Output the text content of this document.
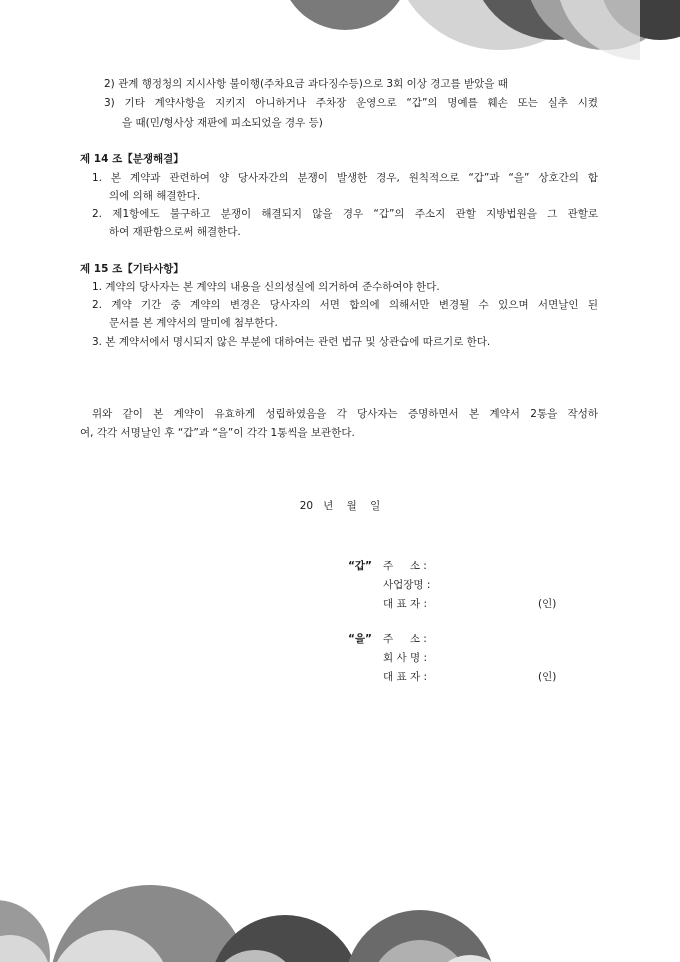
2) 관계 행정청의 지시사항 불이행(주차요금 과다징수등)으로 3회 이상 경고를 받았을 때
3) 기타 계약사항을 지키지 아니하거나 주차장 운영으로 “갑”의 명예를 훼손 또는 실추 시켰
을 때(민/형사상 재판에 피소되었을 경우 등)
제 14 조【분쟁해결】
1. 본 계약과 관련하여 양 당사자간의 분쟁이 발생한 경우, 원칙적으로 “갑”과 “을” 상호간의 합
의에 의해 해결한다.
2. 제1항에도 불구하고 분쟁이 해결되지 않을 경우 “갑”의 주소지 관할 지방법원을 그 관할로
하여 재판함으로써 해결한다.
제 15 조【기타사항】
1. 계약의 당사자는 본 계약의 내용을 신의성실에 의거하여 준수하여야 한다.
2. 계약 기간 중 계약의 변경은 당사자의 서면 합의에 의해서만 변경될 수 있으며 서면날인 된
문서를 본 계약서의 말미에 첨부한다.
3. 본 계약서에서 명시되지 않은 부분에 대하여는 관련 법규 및 상관습에 따르기로 한다.
위와 같이 본 계약이 유효하게 성립하였음을 각 당사자는 증명하면서 본 계약서 2통을 작성하
여, 각각 서명날인 후 “갑”과 “을”이 각각 1통씩을 보관한다.
20   년    월    일
“갑” 주     소 :
사업장명 :
대 표 자 :	(인)
“을” 주     소 :
회 사 명 :
대 표 자 :	(인)
